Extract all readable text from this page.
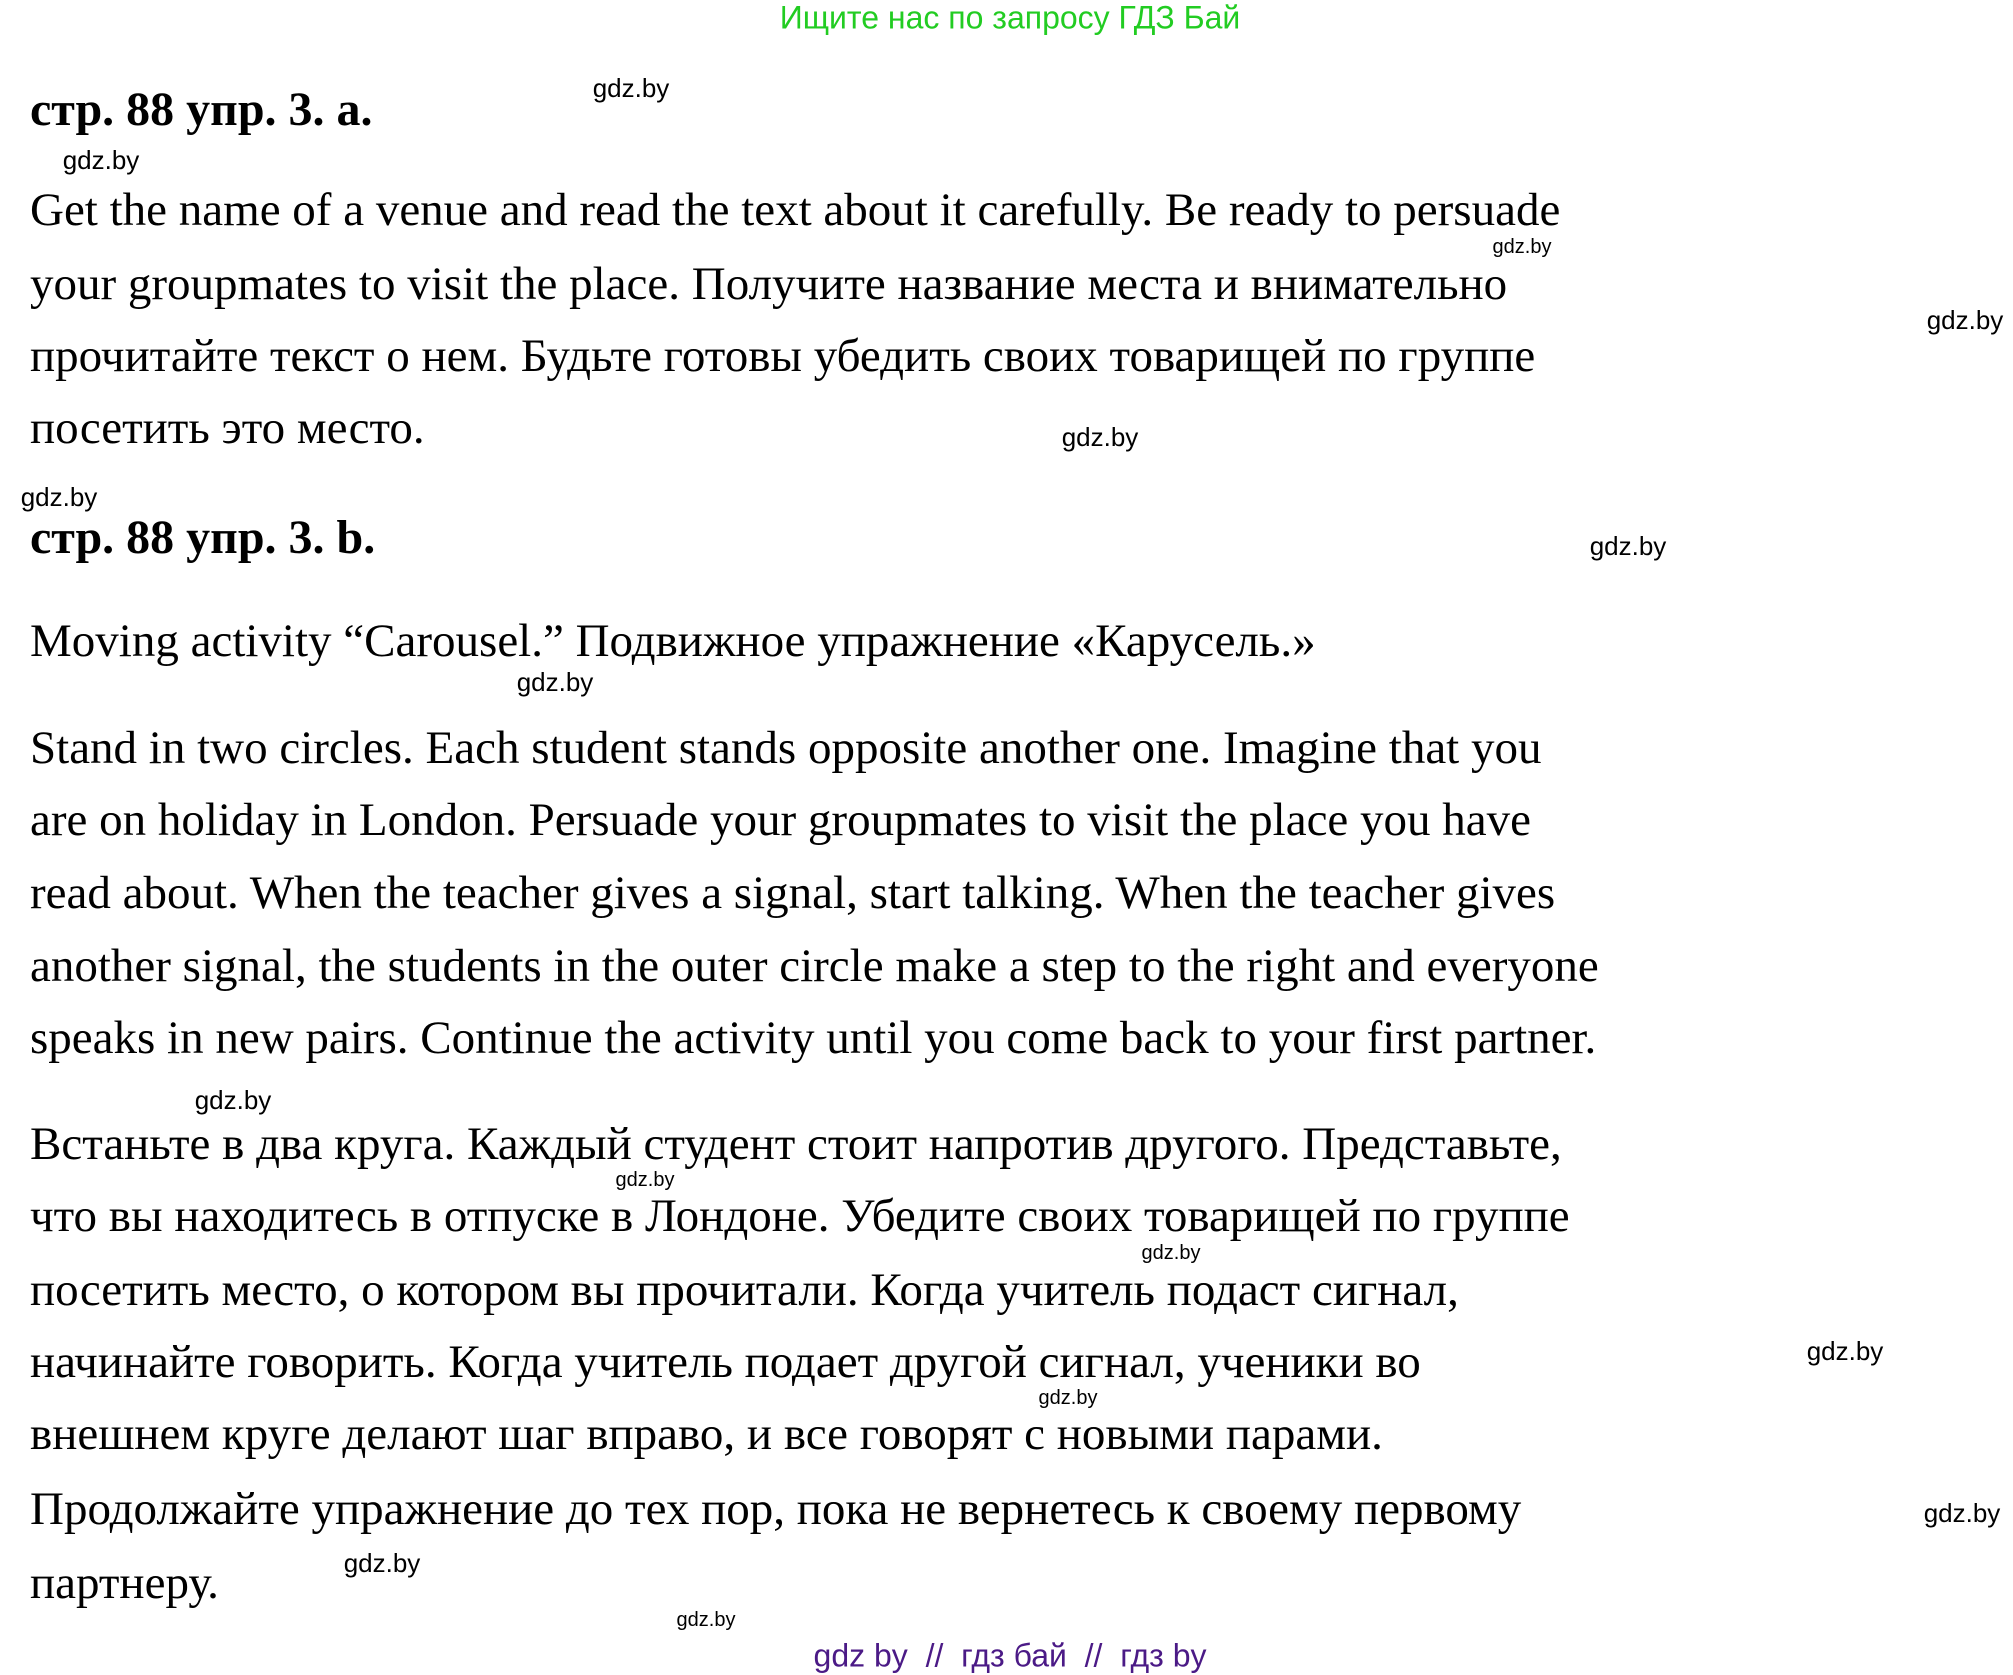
Ищите нас по запросу ГДЗ Бай
стр. 88 упр. 3. а.
Get the name of a venue and read the text about it carefully. Be ready to persuade
your groupmates to visit the place. Получите название места и внимательно
прочитайте текст о нем. Будьте готовы убедить своих товарищей по группе
посетить это место.
стр. 88 упр. 3. b.
Moving activity “Carousel.” Подвижное упражнение «Карусель.»
Stand in two circles. Each student stands opposite another one. Imagine that you
are on holiday in London. Persuade your groupmates to visit the place you have
read about. When the teacher gives a signal, start talking. When the teacher gives
another signal, the students in the outer circle make a step to the right and everyone
speaks in new pairs. Continue the activity until you come back to your first partner.
Встаньте в два круга. Каждый студент стоит напротив другого. Представьте,
что вы находитесь в отпуске в Лондоне. Убедите своих товарищей по группе
посетить место, о котором вы прочитали. Когда учитель подаст сигнал,
начинайте говорить. Когда учитель подает другой сигнал, ученики во
внешнем круге делают шаг вправо, и все говорят с новыми парами.
Продолжайте упражнение до тех пор, пока не вернетесь к своему первому
партнеру.
gdz.by
gdz.by
gdz.by
gdz.by
gdz.by
gdz.by
gdz.by
gdz.by
gdz.by
gdz.by
gdz.by
gdz.by
gdz.by
gdz.by
gdz.by
gdz.by
gdz by  //  гдз бай  //  гдз by
